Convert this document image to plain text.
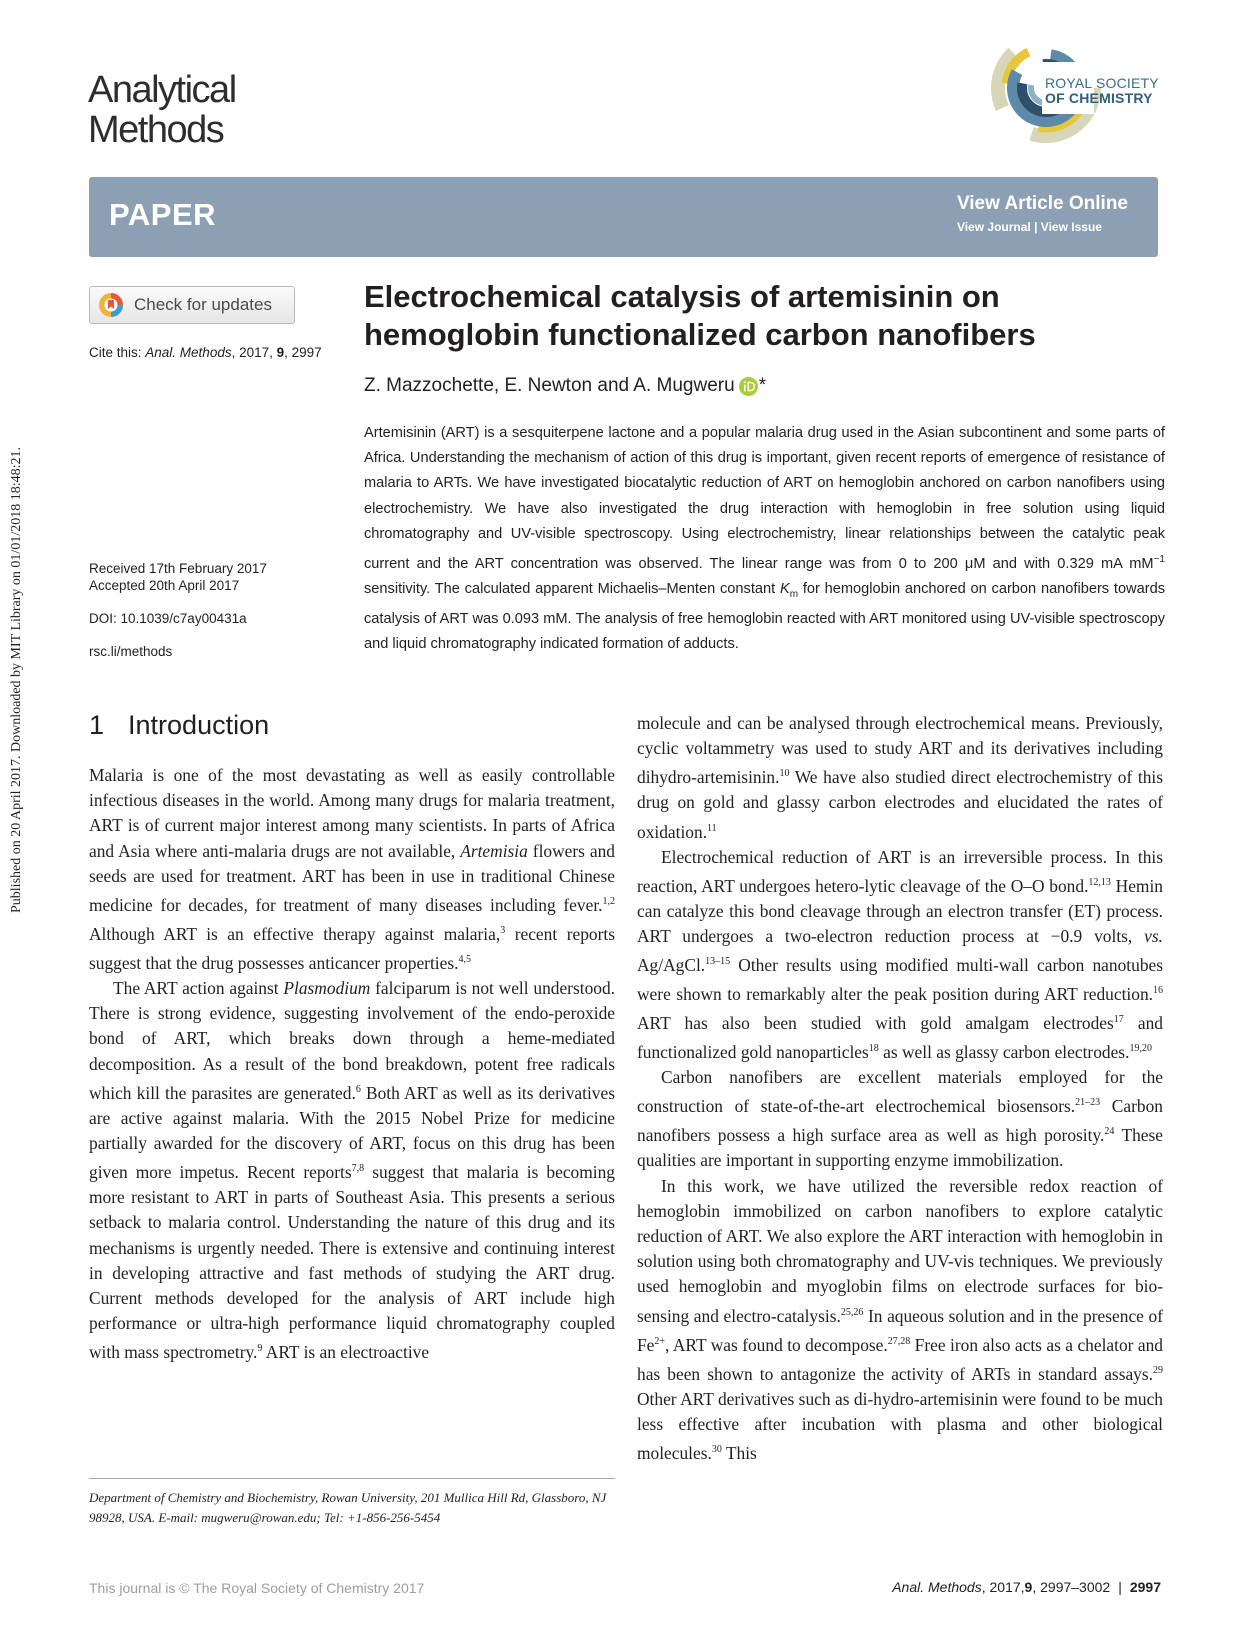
Published on 20 April 2017. Downloaded by MIT Library on 01/01/2018 18:48:21.
Analytical
Methods
ROYAL SOCIETY
OF CHEMISTRY
PAPER	View Article Online
View Journal | View Issue
Check for updates
Cite this: Anal. Methods, 2017, 9, 2997
Received 17th February 2017
Accepted 20th April 2017
DOI: 10.1039/c7ay00431a
rsc.li/methods
Electrochemical catalysis of artemisinin on hemoglobin functionalized carbon nanofibers
Z. Mazzochette, E. Newton and A. Mugweru *
Artemisinin (ART) is a sesquiterpene lactone and a popular malaria drug used in the Asian subcontinent and some parts of Africa. Understanding the mechanism of action of this drug is important, given recent reports of emergence of resistance of malaria to ARTs. We have investigated biocatalytic reduction of ART on hemoglobin anchored on carbon nanofibers using electrochemistry. We have also investigated the drug interaction with hemoglobin in free solution using liquid chromatography and UV-visible spectroscopy. Using electrochemistry, linear relationships between the catalytic peak current and the ART concentration was observed. The linear range was from 0 to 200 μM and with 0.329 mA $mM^{-1}$ sensitivity. The calculated apparent Michaelis–Menten constant $K_m$ for hemoglobin anchored on carbon nanofibers towards catalysis of ART was 0.093 mM. The analysis of free hemoglobin reacted with ART monitored using UV-visible spectroscopy and liquid chromatography indicated formation of adducts.
1 Introduction

Malaria is one of the most devastating as well as easily controllable infectious diseases in the world. Among many drugs for malaria treatment, ART is of current major interest among many scientists. In parts of Africa and Asia where anti-malaria drugs are not available, Artemisia flowers and seeds are used for treatment. ART has been in use in traditional Chinese medicine for decades, for treatment of many diseases including fever.$^{1,2}$ Although ART is an effective therapy against malaria,$^3$ recent reports suggest that the drug possesses anticancer properties.$^{4,5}$

The ART action against Plasmodium falciparum is not well understood. There is strong evidence, suggesting involvement of the endo-peroxide bond of ART, which breaks down through a heme-mediated decomposition. As a result of the bond breakdown, potent free radicals which kill the parasites are generated.$^6$ Both ART as well as its derivatives are active against malaria. With the 2015 Nobel Prize for medicine partially awarded for the discovery of ART, focus on this drug has been given more impetus. Recent reports$^{7,8}$ suggest that malaria is becoming more resistant to ART in parts of Southeast Asia. This presents a serious setback to malaria control. Understanding the nature of this drug and its mechanisms is urgently needed. There is extensive and continuing interest in developing attractive and fast methods of studying the ART drug. Current methods developed for the analysis of ART include high performance or ultra-high performance liquid chromatography coupled with mass spectrometry.$^9$ ART is an electroactive

molecule and can be analysed through electrochemical means. Previously, cyclic voltammetry was used to study ART and its derivatives including dihydro-artemisinin.$^{10}$ We have also studied direct electrochemistry of this drug on gold and glassy carbon electrodes and elucidated the rates of oxidation.$^{11}$

Electrochemical reduction of ART is an irreversible process. In this reaction, ART undergoes hetero-lytic cleavage of the O–O bond.$^{12,13}$ Hemin can catalyze this bond cleavage through an electron transfer (ET) process. ART undergoes a two-electron reduction process at −0.9 volts, vs. Ag/AgCl.$^{13-15}$ Other results using modified multi-wall carbon nanotubes were shown to remarkably alter the peak position during ART reduction.$^{16}$ ART has also been studied with gold amalgam electrodes$^{17}$ and functionalized gold nanoparticles$^{18}$ as well as glassy carbon electrodes.$^{19,20}$

Carbon nanofibers are excellent materials employed for the construction of state-of-the-art electrochemical biosensors.$^{21-23}$ Carbon nanofibers possess a high surface area as well as high porosity.$^{24}$ These qualities are important in supporting enzyme immobilization.

In this work, we have utilized the reversible redox reaction of hemoglobin immobilized on carbon nanofibers to explore catalytic reduction of ART. We also explore the ART interaction with hemoglobin in solution using both chromatography and UV-vis techniques. We previously used hemoglobin and myoglobin films on electrode surfaces for bio-sensing and electro-catalysis.$^{25,26}$ In aqueous solution and in the presence of $Fe^{2+}$, ART was found to decompose.$^{27,28}$ Free iron also acts as a chelator and has been shown to antagonize the activity of ARTs in standard assays.$^{29}$ Other ART derivatives such as di-hydro-artemisinin were found to be much less effective after incubation with plasma and other biological molecules.$^{30}$ This

Department of Chemistry and Biochemistry, Rowan University, 201 Mullica Hill Rd, Glassboro, NJ 98928, USA. E-mail: mugweru@rowan.edu; Tel: +1-856-256-5454
This journal is © The Royal Society of Chemistry 2017	Anal. Methods , 2017, 9 , 2997–3002 | 2997
